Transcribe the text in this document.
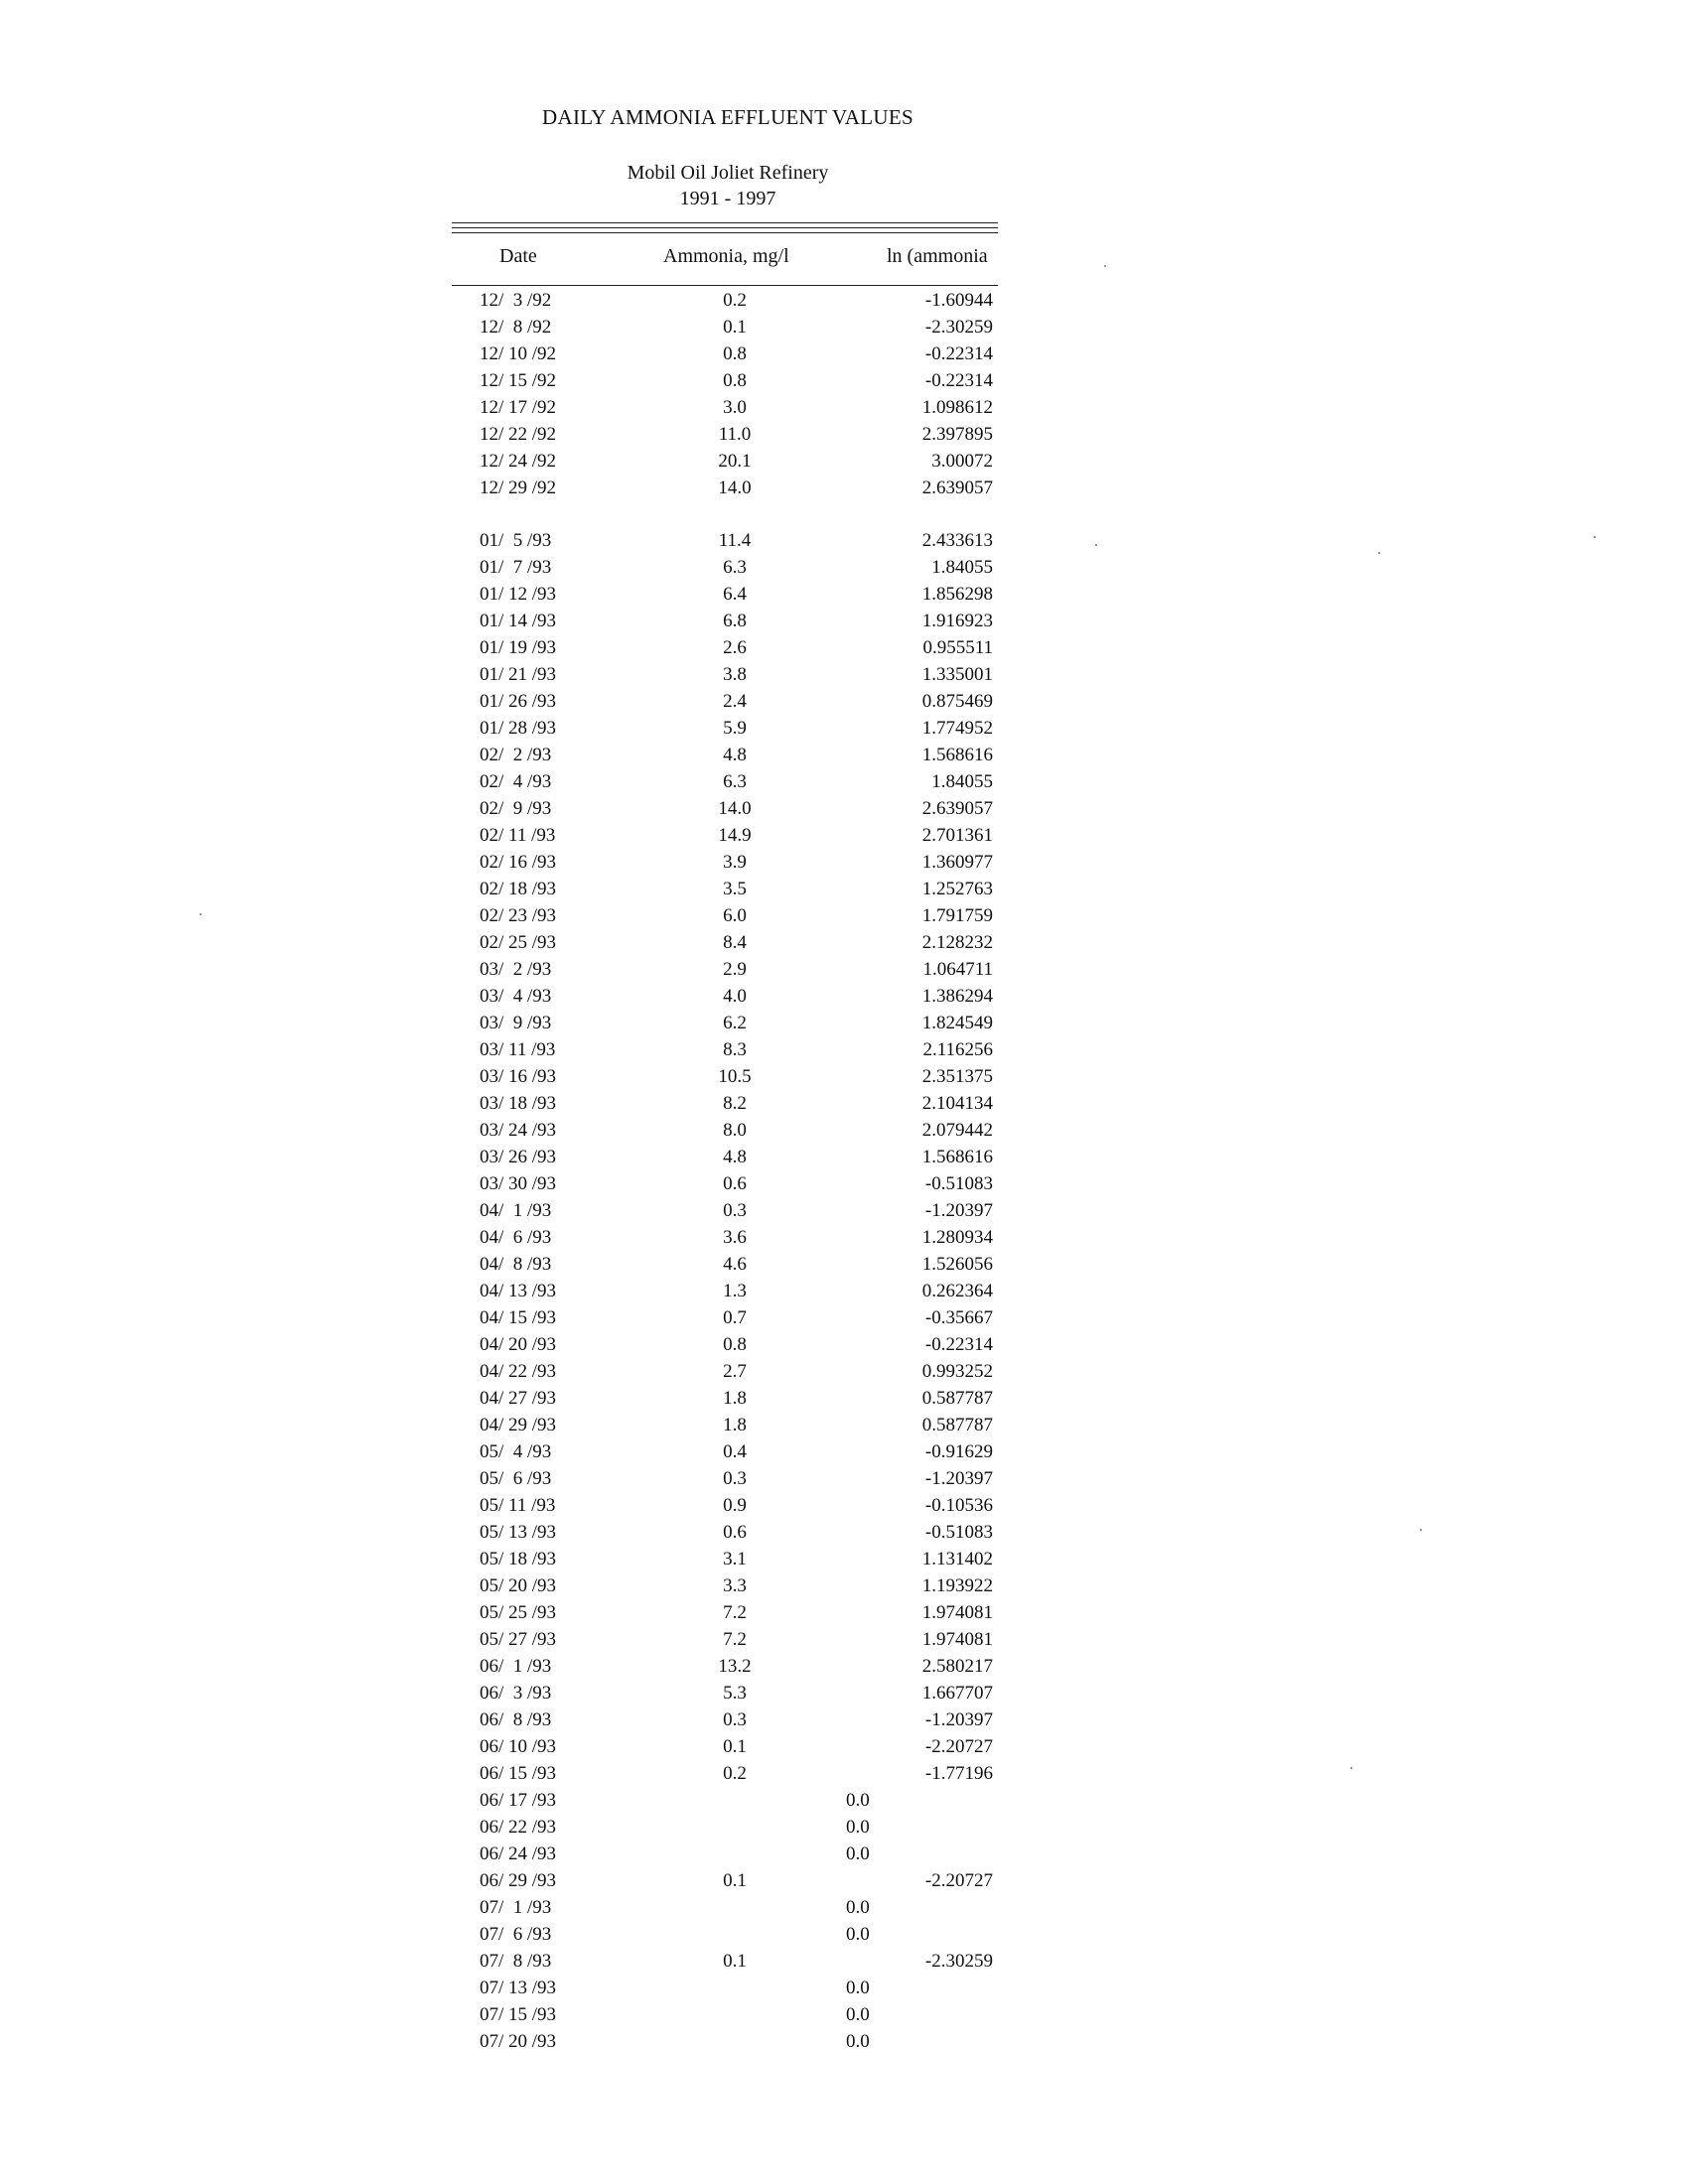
DAILY AMMONIA EFFLUENT VALUES
Mobil Oil Joliet Refinery
1991 - 1997
Date	Ammonia, mg/l	ln (ammonia
12/  3 /92	0.2	-1.60944
12/  8 /92	0.1	-2.30259
12/ 10 /92	0.8	-0.22314
12/ 15 /92	0.8	-0.22314
12/ 17 /92	3.0	1.098612
12/ 22 /92	11.0	2.397895
12/ 24 /92	20.1	3.00072
12/ 29 /92	14.0	2.639057
01/  5 /93	11.4	2.433613
01/  7 /93	6.3	1.84055
01/ 12 /93	6.4	1.856298
01/ 14 /93	6.8	1.916923
01/ 19 /93	2.6	0.955511
01/ 21 /93	3.8	1.335001
01/ 26 /93	2.4	0.875469
01/ 28 /93	5.9	1.774952
02/  2 /93	4.8	1.568616
02/  4 /93	6.3	1.84055
02/  9 /93	14.0	2.639057
02/ 11 /93	14.9	2.701361
02/ 16 /93	3.9	1.360977
02/ 18 /93	3.5	1.252763
02/ 23 /93	6.0	1.791759
02/ 25 /93	8.4	2.128232
03/  2 /93	2.9	1.064711
03/  4 /93	4.0	1.386294
03/  9 /93	6.2	1.824549
03/ 11 /93	8.3	2.116256
03/ 16 /93	10.5	2.351375
03/ 18 /93	8.2	2.104134
03/ 24 /93	8.0	2.079442
03/ 26 /93	4.8	1.568616
03/ 30 /93	0.6	-0.51083
04/  1 /93	0.3	-1.20397
04/  6 /93	3.6	1.280934
04/  8 /93	4.6	1.526056
04/ 13 /93	1.3	0.262364
04/ 15 /93	0.7	-0.35667
04/ 20 /93	0.8	-0.22314
04/ 22 /93	2.7	0.993252
04/ 27 /93	1.8	0.587787
04/ 29 /93	1.8	0.587787
05/  4 /93	0.4	-0.91629
05/  6 /93	0.3	-1.20397
05/ 11 /93	0.9	-0.10536
05/ 13 /93	0.6	-0.51083
05/ 18 /93	3.1	1.131402
05/ 20 /93	3.3	1.193922
05/ 25 /93	7.2	1.974081
05/ 27 /93	7.2	1.974081
06/  1 /93	13.2	2.580217
06/  3 /93	5.3	1.667707
06/  8 /93	0.3	-1.20397
06/ 10 /93	0.1	-2.20727
06/ 15 /93	0.2	-1.77196
06/ 17 /93	0.0
06/ 22 /93	0.0
06/ 24 /93	0.0
06/ 29 /93	0.1	-2.20727
07/  1 /93	0.0
07/  6 /93	0.0
07/  8 /93	0.1	-2.30259
07/ 13 /93	0.0
07/ 15 /93	0.0
07/ 20 /93	0.0
